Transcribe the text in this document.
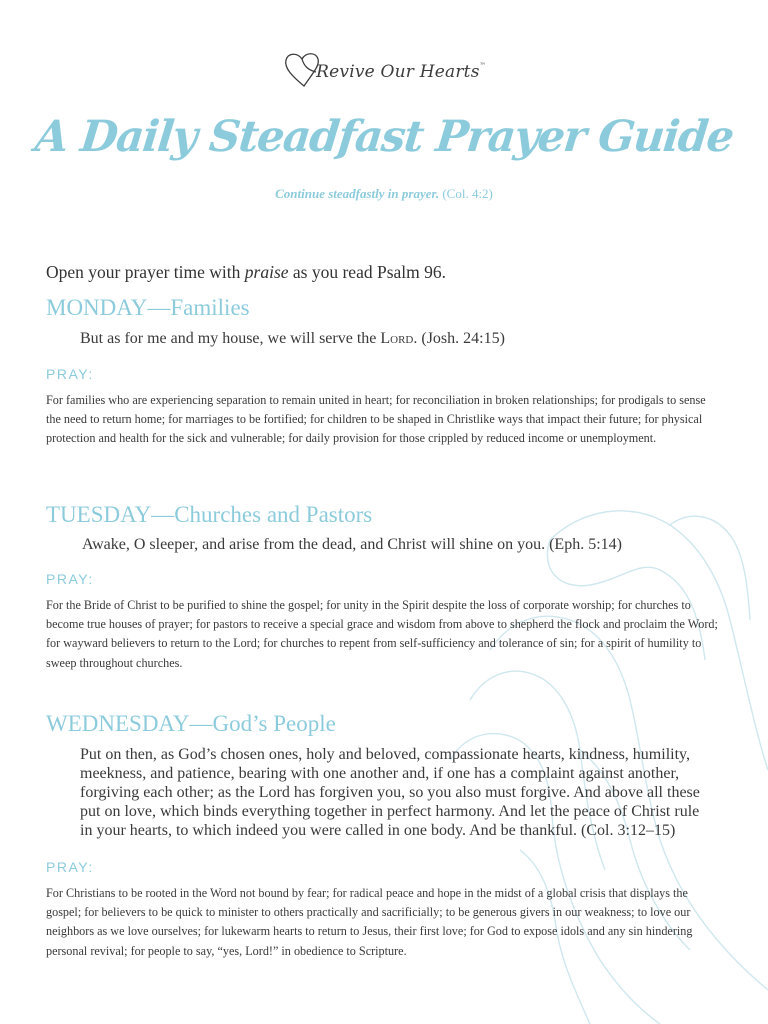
Revive Our Hearts™
A Daily Steadfast Prayer Guide
Continue steadfastly in prayer. (Col. 4:2)
Open your prayer time with praise as you read Psalm 96.
MONDAY—Families
But as for me and my house, we will serve the Lord. (Josh. 24:15)
PRAY:
For families who are experiencing separation to remain united in heart; for reconciliation in broken relationships; for prodigals to sense the need to return home; for marriages to be fortified; for children to be shaped in Christlike ways that impact their future; for physical protection and health for the sick and vulnerable; for daily provision for those crippled by reduced income or unemployment.
TUESDAY—Churches and Pastors
Awake, O sleeper, and arise from the dead, and Christ will shine on you. (Eph. 5:14)
PRAY:
For the Bride of Christ to be purified to shine the gospel; for unity in the Spirit despite the loss of corporate worship; for churches to become true houses of prayer; for pastors to receive a special grace and wisdom from above to shepherd the flock and proclaim the Word; for wayward believers to return to the Lord; for churches to repent from self-sufficiency and tolerance of sin; for a spirit of humility to sweep throughout churches.
WEDNESDAY—God’s People
Put on then, as God’s chosen ones, holy and beloved, compassionate hearts, kindness, humility, meekness, and patience, bearing with one another and, if one has a complaint against another, forgiving each other; as the Lord has forgiven you, so you also must forgive. And above all these put on love, which binds everything together in perfect harmony. And let the peace of Christ rule in your hearts, to which indeed you were called in one body. And be thankful. (Col. 3:12–15)
PRAY:
For Christians to be rooted in the Word not bound by fear; for radical peace and hope in the midst of a global crisis that displays the gospel; for believers to be quick to minister to others practically and sacrificially; to be generous givers in our weakness; to love our neighbors as we love ourselves; for lukewarm hearts to return to Jesus, their first love; for God to expose idols and any sin hindering personal revival; for people to say, “yes, Lord!” in obedience to Scripture.
